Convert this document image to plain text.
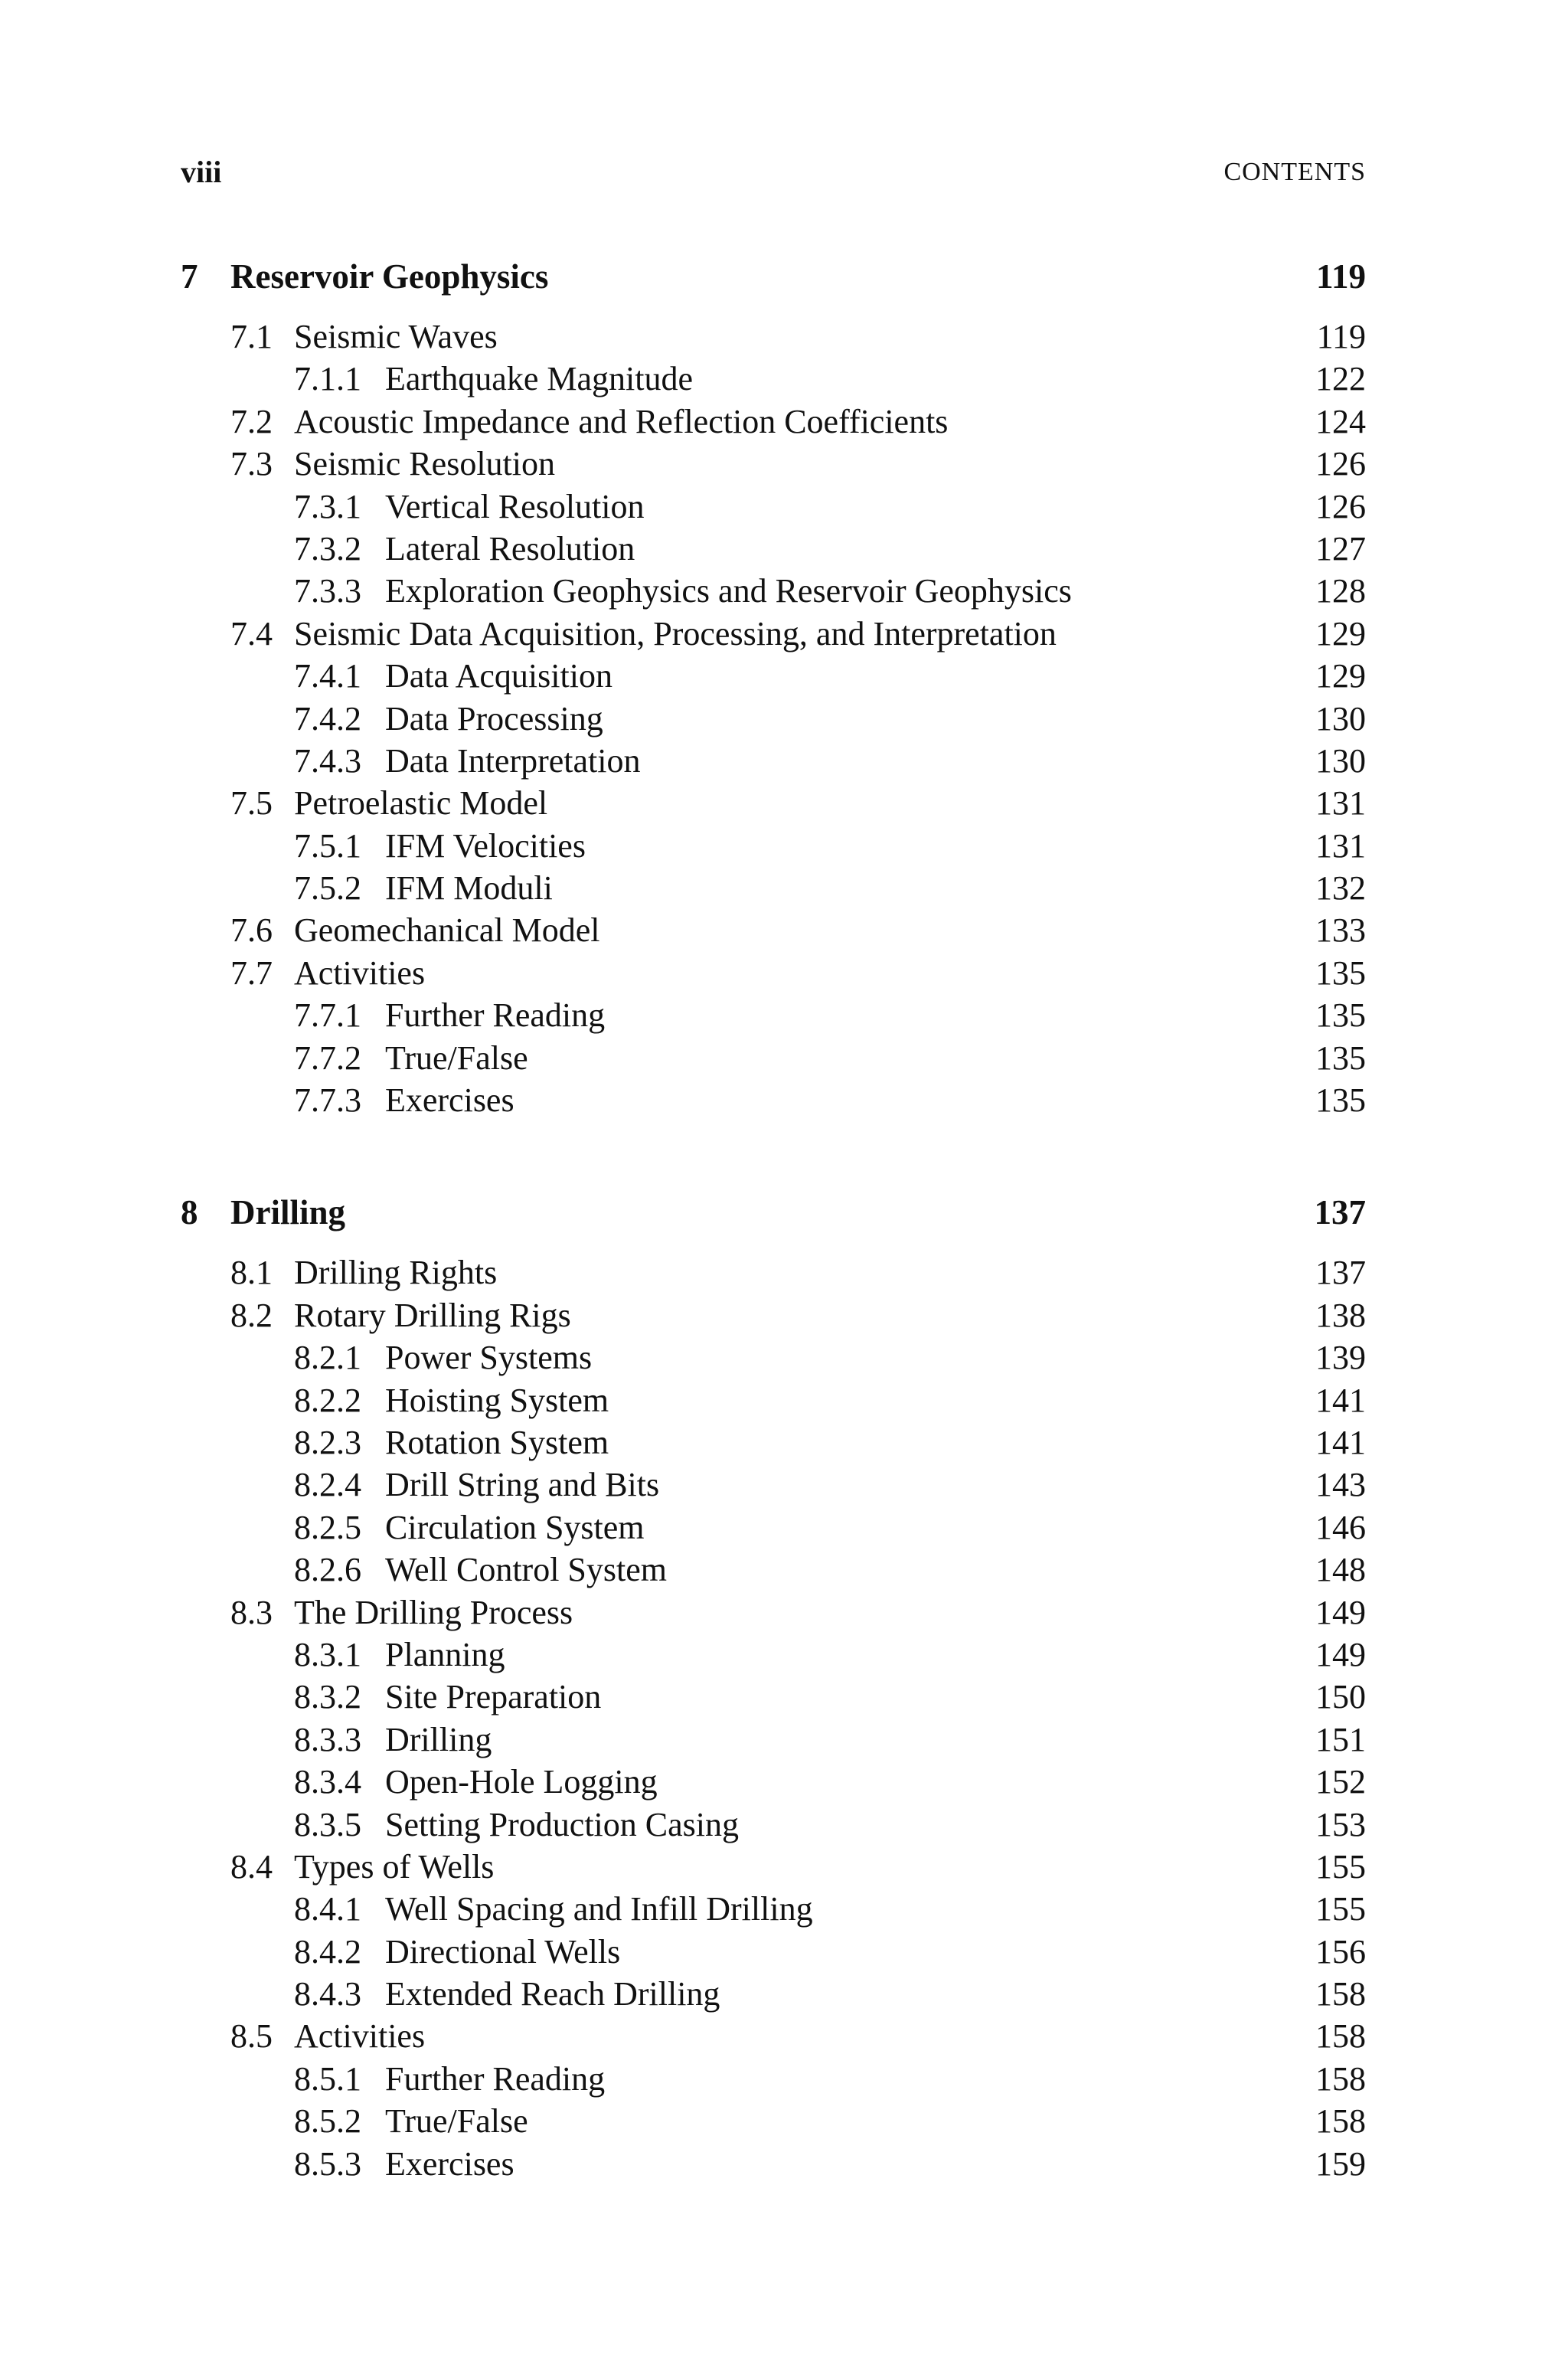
viii	CONTENTS
7 Reservoir Geophysics	119
7.1 Seismic Waves	119
7.1.1 Earthquake Magnitude	122
7.2 Acoustic Impedance and Reflection Coefficients	124
7.3 Seismic Resolution	126
7.3.1 Vertical Resolution	126
7.3.2 Lateral Resolution	127
7.3.3 Exploration Geophysics and Reservoir Geophysics	128
7.4 Seismic Data Acquisition, Processing, and Interpretation	129
7.4.1 Data Acquisition	129
7.4.2 Data Processing	130
7.4.3 Data Interpretation	130
7.5 Petroelastic Model	131
7.5.1 IFM Velocities	131
7.5.2 IFM Moduli	132
7.6 Geomechanical Model	133
7.7 Activities	135
7.7.1 Further Reading	135
7.7.2 True/False	135
7.7.3 Exercises	135
8 Drilling	137
8.1 Drilling Rights	137
8.2 Rotary Drilling Rigs	138
8.2.1 Power Systems	139
8.2.2 Hoisting System	141
8.2.3 Rotation System	141
8.2.4 Drill String and Bits	143
8.2.5 Circulation System	146
8.2.6 Well Control System	148
8.3 The Drilling Process	149
8.3.1 Planning	149
8.3.2 Site Preparation	150
8.3.3 Drilling	151
8.3.4 Open-Hole Logging	152
8.3.5 Setting Production Casing	153
8.4 Types of Wells	155
8.4.1 Well Spacing and Infill Drilling	155
8.4.2 Directional Wells	156
8.4.3 Extended Reach Drilling	158
8.5 Activities	158
8.5.1 Further Reading	158
8.5.2 True/False	158
8.5.3 Exercises	159
